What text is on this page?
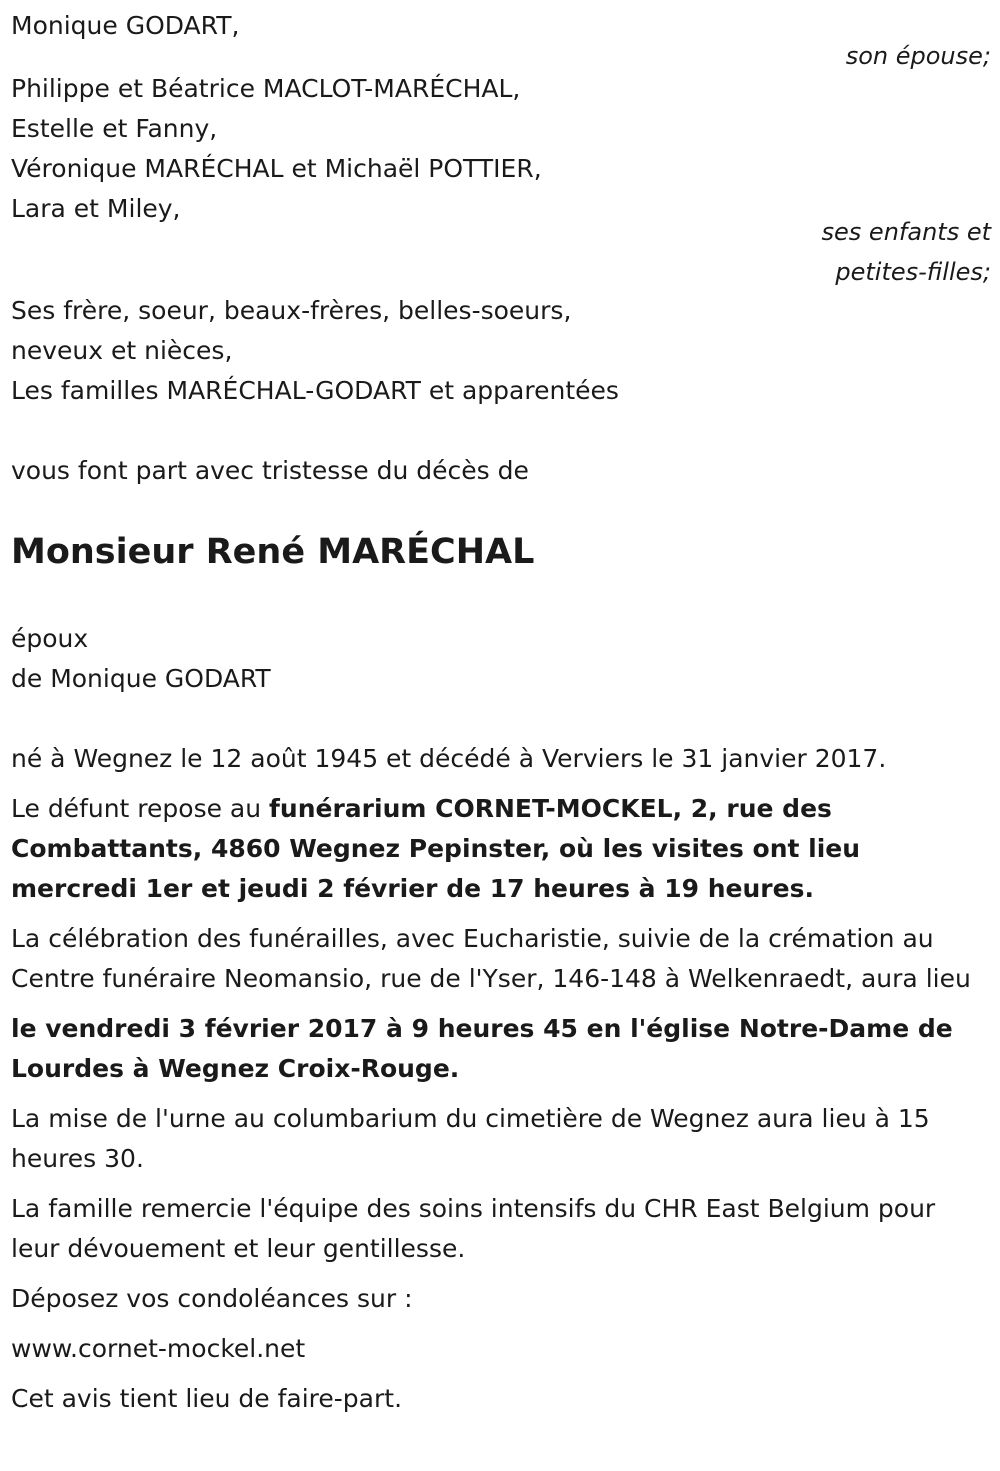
Monique GODART,
son épouse;
Philippe et Béatrice MACLOT-MARÉCHAL,
Estelle et Fanny,
Véronique MARÉCHAL et Michaël POTTIER,
Lara et Miley,
ses enfants et
petites-filles;
Ses frère, soeur, beaux-frères, belles-soeurs,
neveux et nièces,
Les familles MARÉCHAL-GODART et apparentées
vous font part avec tristesse du décès de
Monsieur René MARÉCHAL
époux
de Monique GODART

né à Wegnez le 12 août 1945 et décédé à Verviers le 31 janvier 2017.

Le défunt repose au funérarium CORNET-MOCKEL, 2, rue des Combattants, 4860 Wegnez Pepinster, où les visites ont lieu mercredi 1er et jeudi 2 février de 17 heures à 19 heures.

La célébration des funérailles, avec Eucharistie, suivie de la crémation au Centre funéraire Neomansio, rue de l'Yser, 146-148 à Welkenraedt, aura lieu

le vendredi 3 février 2017 à 9 heures 45 en l'église Notre-Dame de Lourdes à Wegnez Croix-Rouge.

La mise de l'urne au columbarium du cimetière de Wegnez aura lieu à 15 heures 30.

La famille remercie l'équipe des soins intensifs du CHR East Belgium pour leur dévouement et leur gentillesse.

Déposez vos condoléances sur :

www.cornet-mockel.net

Cet avis tient lieu de faire-part.
